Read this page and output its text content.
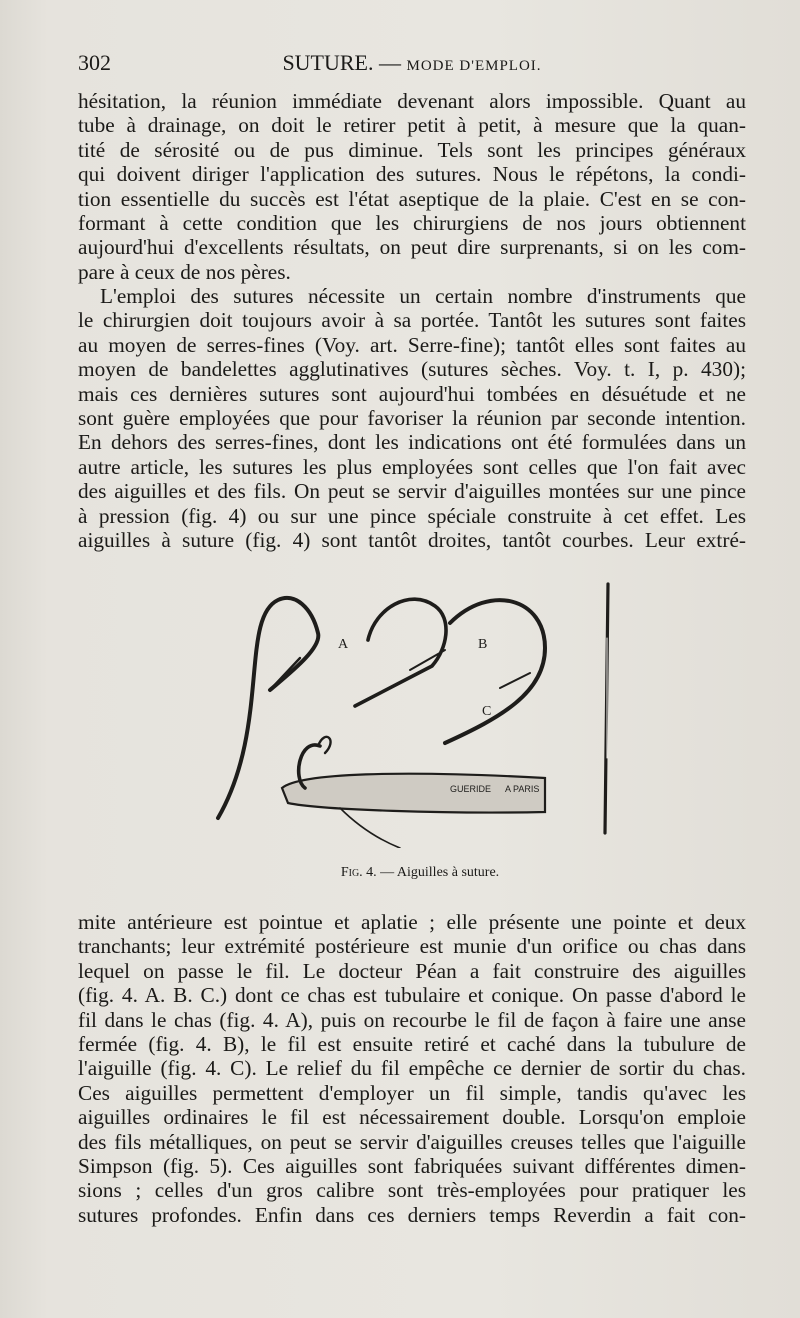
302	SUTURE. — MODE D'EMPLOI.
hésitation, la réunion immédiate devenant alors impossible. Quant au
tube à drainage, on doit le retirer petit à petit, à mesure que la quan-
tité de sérosité ou de pus diminue. Tels sont les principes généraux
qui doivent diriger l'application des sutures. Nous le répétons, la condi-
tion essentielle du succès est l'état aseptique de la plaie. C'est en se con-
formant à cette condition que les chirurgiens de nos jours obtiennent
aujourd'hui d'excellents résultats, on peut dire surprenants, si on les com-
pare à ceux de nos pères.
L'emploi des sutures nécessite un certain nombre d'instruments que
le chirurgien doit toujours avoir à sa portée. Tantôt les sutures sont faites
au moyen de serres-fines (Voy. art. Serre-fine); tantôt elles sont faites au
moyen de bandelettes agglutinatives (sutures sèches. Voy. t. I, p. 430);
mais ces dernières sutures sont aujourd'hui tombées en désuétude et ne
sont guère employées que pour favoriser la réunion par seconde intention.
En dehors des serres-fines, dont les indications ont été formulées dans un
autre article, les sutures les plus employées sont celles que l'on fait avec
des aiguilles et des fils. On peut se servir d'aiguilles montées sur une pince
à pression (fig. 4) ou sur une pince spéciale construite à cet effet. Les
aiguilles à suture (fig. 4) sont tantôt droites, tantôt courbes. Leur extré-
A	B
C
GUERIDE A PARIS
Fig. 4. — Aiguilles à suture.
mite antérieure est pointue et aplatie ; elle présente une pointe et deux
tranchants; leur extrémité postérieure est munie d'un orifice ou chas dans
lequel on passe le fil. Le docteur Péan a fait construire des aiguilles
(fig. 4. A. B. C.) dont ce chas est tubulaire et conique. On passe d'abord le
fil dans le chas (fig. 4. A), puis on recourbe le fil de façon à faire une anse
fermée (fig. 4. B), le fil est ensuite retiré et caché dans la tubulure de
l'aiguille (fig. 4. C). Le relief du fil empêche ce dernier de sortir du chas.
Ces aiguilles permettent d'employer un fil simple, tandis qu'avec les
aiguilles ordinaires le fil est nécessairement double. Lorsqu'on emploie
des fils métalliques, on peut se servir d'aiguilles creuses telles que l'aiguille
Simpson (fig. 5). Ces aiguilles sont fabriquées suivant différentes dimen-
sions ; celles d'un gros calibre sont très-employées pour pratiquer les
sutures profondes. Enfin dans ces derniers temps Reverdin a fait con-
